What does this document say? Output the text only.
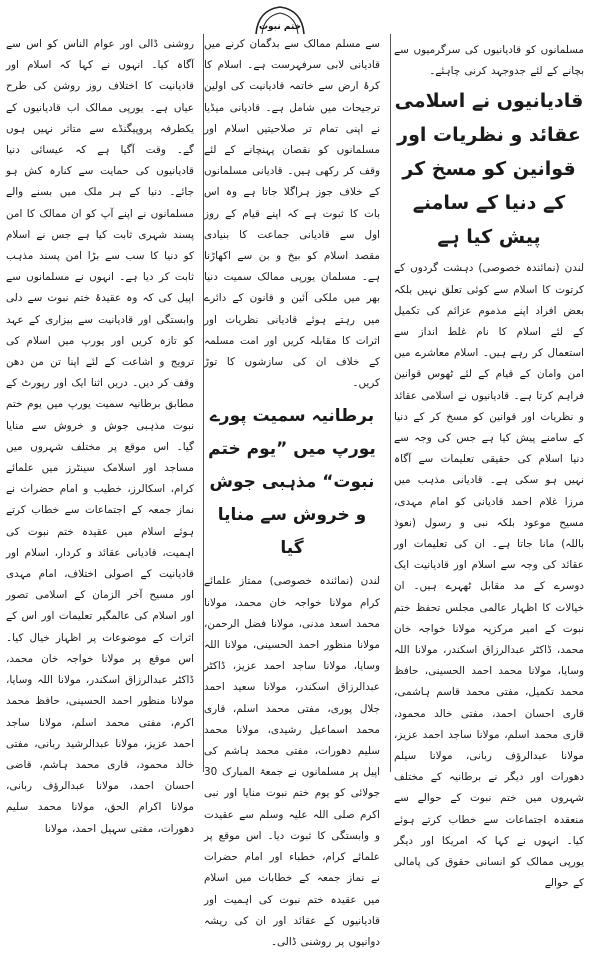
ختم نبوت

مسلمانوں کو قادیانیوں کی سرگرمیوں سے بچانے کے لئے جدوجہد کرنی چاہئے۔

قادیانیوں نے اسلامی عقائد و نظریات اور قوانین کو مسخ کر کے دنیا کے سامنے پیش کیا ہے

لندن (نمائندہ خصوصی) دہشت گردوں کے کرتوت کا اسلام سے کوئی تعلق نہیں بلکہ بعض افراد اپنے مذموم عزائم کی تکمیل کے لئے اسلام کا نام غلط انداز سے استعمال کر رہے ہیں۔ اسلام معاشرے میں امن وامان کے قیام کے لئے ٹھوس قوانین فراہم کرتا ہے۔ قادیانیوں نے اسلامی عقائد و نظریات اور قوانین کو مسخ کر کے دنیا کے سامنے پیش کیا ہے جس کی وجہ سے دنیا اسلام کی حقیقی تعلیمات سے آگاہ نہیں ہو سکی ہے۔ قادیانی مذہب میں مرزا غلام احمد قادیانی کو امام مہدی، مسیح موعود بلکہ نبی و رسول (نعوذ باللہ) مانا جاتا ہے۔ ان کی تعلیمات اور عقائد کی وجہ سے اسلام اور قادیانیت ایک دوسرے کے مد مقابل ٹھہرے ہیں۔ ان خیالات کا اظہار عالمی مجلس تحفظ ختم نبوت کے امیر مرکزیہ مولانا خواجہ خان محمد، ڈاکٹر عبدالرزاق اسکندر، مولانا اللہ وسایا، مولانا محمد احمد الحسینی، حافظ محمد تکمیل، مفتی محمد قاسم ہاشمی، قاری احسان احمد، مفتی خالد محمود، قاری محمد اسلم، مولانا ساجد احمد عزیز، مولانا عبدالرؤف ربانی، مولانا سیلم دھورات اور دیگر نے برطانیہ کے مختلف شہروں میں ختم نبوت کے حوالے سے منعقدہ اجتماعات سے خطاب کرتے ہوئے کیا۔ انہوں نے کہا کہ امریکا اور دیگر یورپی ممالک کو انسانی حقوق کی پامالی کے حوالے

سے مسلم ممالک سے بدگمان کرنے میں قادیانی لابی سرفہرست ہے۔ اسلام کا کرۂ ارض سے خاتمہ قادیانیت کی اولین ترجیحات میں شامل ہے۔ قادیانی میڈیا نے اپنی تمام تر صلاحیتیں اسلام اور مسلمانوں کو نقصان پہنچانے کے لئے وقف کر رکھی ہیں۔ قادیانی مسلمانوں کے خلاف جوز ہراگلا جاتا ہے وہ اس بات کا ثبوت ہے کہ اپنے قیام کے روز اول سے قادیانی جماعت کا بنیادی مقصد اسلام کو بیخ و بن سے اکھاڑنا ہے۔ مسلمان یورپی ممالک سمیت دنیا بھر میں ملکی آئین و قانون کے دائرے میں رہتے ہوئے قادیانی نظریات اور اثرات کا مقابلہ کریں اور امت مسلمہ کے خلاف ان کی سازشوں کا توڑ کریں۔

برطانیہ سمیت پورے یورپ میں ”یوم ختم نبوت“ مذہبی جوش و خروش سے منایا گیا

لندن (نمائندہ خصوصی) ممتاز علمائے کرام مولانا خواجہ خان محمد، مولانا محمد اسعد مدنی، مولانا فضل الرحمن، مولانا منظور احمد الحسینی، مولانا اللہ وسایا، مولانا ساجد احمد عزیز، ڈاکٹر عبدالرزاق اسکندر، مولانا سعید احمد جلال پوری، مفتی محمد اسلم، قاری محمد اسماعیل رشیدی، مولانا محمد سلیم دھورات، مفتی محمد ہاشم کی اپیل پر مسلمانوں نے جمعۃ المبارک 30 جولائی کو یوم ختم نبوت منایا اور نبی اکرم صلی اللہ علیہ وسلم سے عقیدت و وابستگی کا ثبوت دیا۔ اس موقع پر علمائے کرام، خطباء اور امام حضرات نے نماز جمعہ کے خطابات میں اسلام میں عقیدہ ختم نبوت کی اہمیت اور قادیانیوں کے عقائد اور ان کی ریشہ دوانیوں پر روشنی ڈالی۔

روشنی ڈالی اور عوام الناس کو اس سے آگاہ کیا۔ انہوں نے کہا کہ اسلام اور قادیانیت کا اختلاف روز روشن کی طرح عیاں ہے۔ یورپی ممالک اب قادیانیوں کے یکطرفہ پروپیگنڈے سے متاثر نہیں ہوں گے۔ وقت آگیا ہے کہ عیسائی دنیا قادیانیوں کی حمایت سے کنارہ کش ہو جائے۔ دنیا کے ہر ملک میں بسنے والے مسلمانوں نے اپنے آپ کو ان ممالک کا امن پسند شہری ثابت کیا ہے جس نے اسلام کو دنیا کا سب سے بڑا امن پسند مذہب ثابت کر دیا ہے۔ انہوں نے مسلمانوں سے اپیل کی کہ وہ عقیدۂ ختم نبوت سے دلی وابستگی اور قادیانیت سے بیزاری کے عہد کو تازہ کریں اور یورپ میں اسلام کی ترویج و اشاعت کے لئے اپنا تن من دھن وقف کر دیں۔ دریں اثنا ایک اور رپورٹ کے مطابق برطانیہ سمیت یورپ میں یوم ختم نبوت مذہبی جوش و خروش سے منایا گیا۔ اس موقع پر مختلف شہروں میں مساجد اور اسلامک سینٹرز میں علمائے کرام، اسکالرز، خطیب و امام حضرات نے نماز جمعہ کے اجتماعات سے خطاب کرتے ہوئے اسلام میں عقیدہ ختم نبوت کی اہمیت، قادیانی عقائد و کردار، اسلام اور قادیانیت کے اصولی اختلاف، امام مہدی اور مسیح آخر الزمان کے اسلامی تصور اور اسلام کی عالمگیر تعلیمات اور اس کے اثرات کے موضوعات پر اظہار خیال کیا۔ اس موقع پر مولانا خواجہ خان محمد، ڈاکٹر عبدالرزاق اسکندر، مولانا اللہ وسایا، مولانا منظور احمد الحسینی، حافظ محمد اکرم، مفتی محمد اسلم، مولانا ساجد احمد عزیز، مولانا عبدالرشید ربانی، مفتی خالد محمود، قاری محمد ہاشم، قاضی احسان احمد، مولانا عبدالرؤف ربانی، مولانا اکرام الحق، مولانا محمد سلیم دھورات، مفتی سہیل احمد، مولانا
